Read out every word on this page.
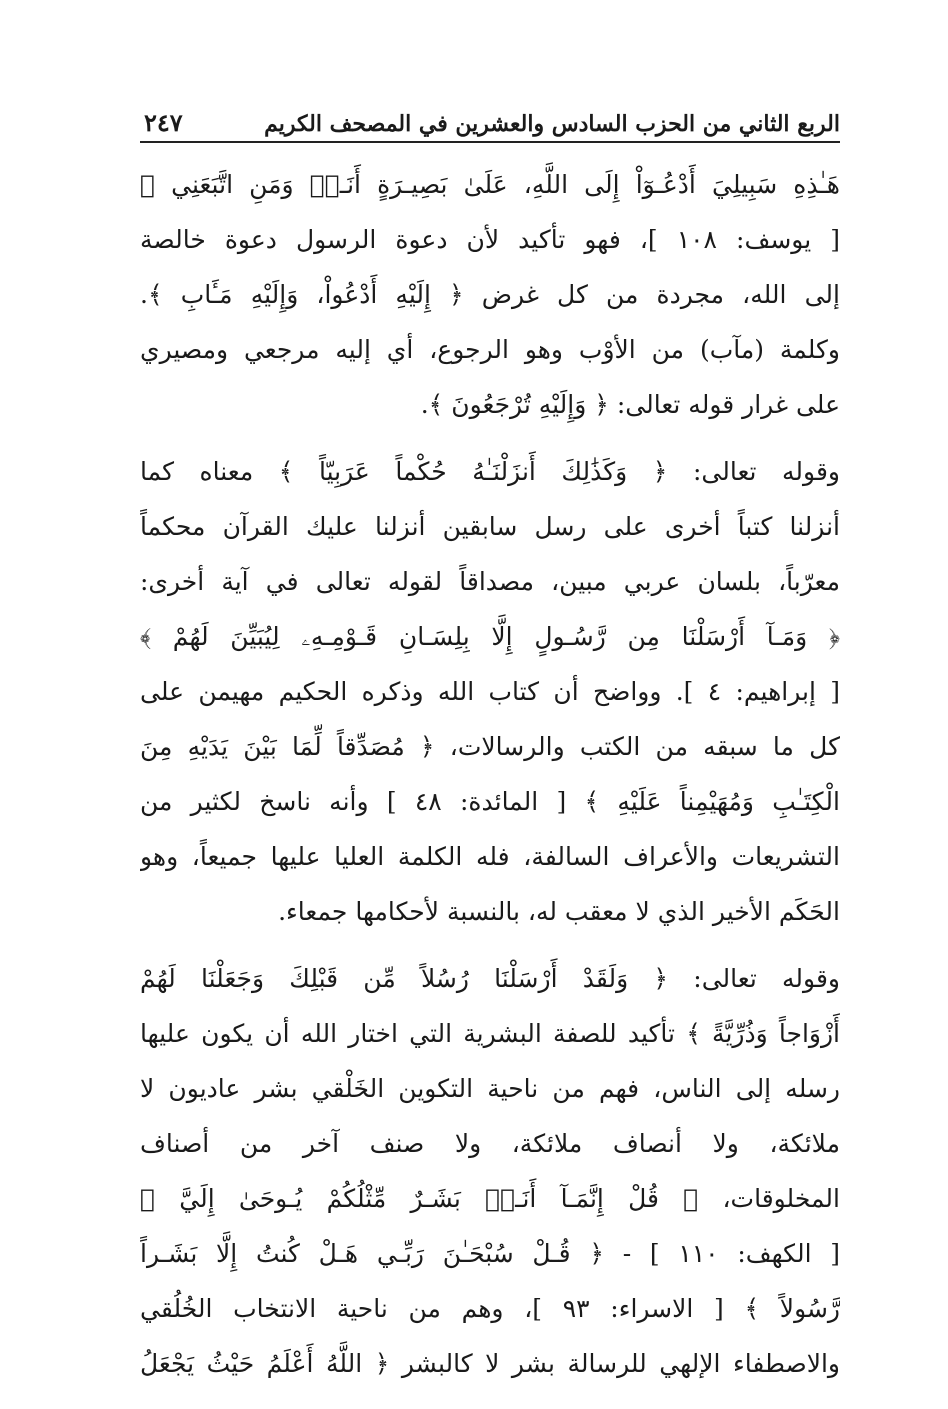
الربع الثاني من الحزب السادس والعشرين في المصحف الكريم
٢٤٧
هَـٰذِهِ سَبِيلِيَ أَدْعُـوٓاْ إِلَى اللَّهِ، عَلَىٰ بَصِيـرَةٍ أَنَـا۠ وَمَنِ اتَّبَعَنِي ﴾
[ يوسف: ١٠٨ ]، فهو تأكيد لأن دعوة الرسول دعوة خالصة
إلى الله، مجردة من كل غرض ﴿ إِلَيْهِ أَدْعُواْ، وَإِلَيْهِ مَـَٔابِ ﴾.
وكلمة (مآب) من الأوْب وهو الرجوع، أي إليه مرجعي ومصيري
على غرار قوله تعالى: ﴿ وَإِلَيْهِ تُرْجَعُونَ ﴾.
وقوله تعالى: ﴿ وَكَذَٰلِكَ أَنزَلْنَـٰهُ حُكْماً عَرَبِيّاً ﴾ معناه كما
أنزلنا كتباً أخرى على رسل سابقين أنزلنا عليك القرآن محكماً
معرّباً، بلسان عربي مبين، مصداقاً لقوله تعالى في آية أخرى:
﴿ وَمَـآ أَرْسَلْنَا مِن رَّسُـولٍ إِلَّا بِلِسَـانِ قَـوْمِـهِۦ لِيُبَيِّنَ لَهُمْ ﴾
[ إبراهيم: ٤ ]. وواضح أن كتاب الله وذكره الحكيم مهيمن على
كل ما سبقه من الكتب والرسالات، ﴿ مُصَدِّقاً لِّمَا بَيْنَ يَدَيْهِ مِنَ
الْكِتَـٰبِ وَمُهَيْمِناً عَلَيْهِ ﴾ [ المائدة: ٤٨ ] وأنه ناسخ لكثير من
التشريعات والأعراف السالفة، فله الكلمة العليا عليها جميعاً، وهو
الحَكَم الأخير الذي لا معقب له، بالنسبة لأحكامها جمعاء.
وقوله تعالى: ﴿ وَلَقَدْ أَرْسَلْنَا رُسُلاً مِّن قَبْلِكَ وَجَعَلْنَا لَهُمْ
أَزْوَاجاً وَذُرِّيَّةً ﴾ تأكيد للصفة البشرية التي اختار الله أن يكون عليها
رسله إلى الناس، فهم من ناحية التكوين الخَلْقي بشر عاديون لا
ملائكة، ولا أنصاف ملائكة، ولا صنف آخر من أصناف
المخلوقات، ﴿ قُلْ إِنَّمَـآ أَنَـا۠ بَشَـرٌ مِّثْلُكُمْ يُـوحَىٰ إِلَيَّ ﴾
[ الكهف: ١١٠ ] - ﴿ قُـلْ سُبْحَـٰنَ رَبِّـي هَـلْ كُنتُ إِلَّا بَشَـراً
رَّسُولاً ﴾ [ الاسراء: ٩٣ ]، وهم من ناحية الانتخاب الخُلُقي
والاصطفاء الإلهي للرسالة بشر لا كالبشر ﴿ اللَّهُ أَعْلَمُ حَيْثُ يَجْعَلُ
